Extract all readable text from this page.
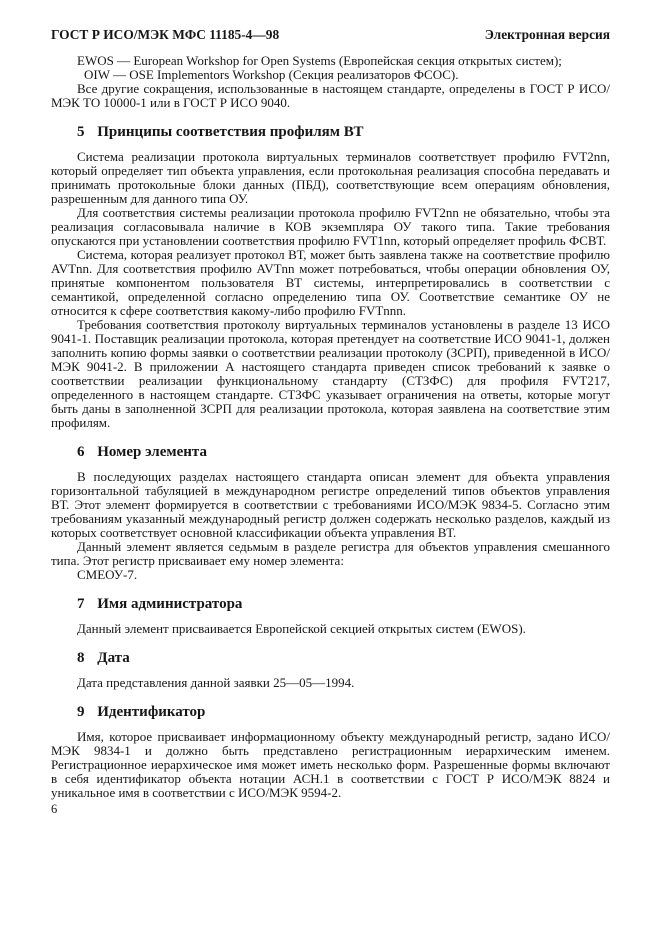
ГОСТ Р ИСО/МЭК МФС 11185-4—98	Электронная версия

EWOS — European Workshop for Open Systems (Европейская секция открытых систем);

OIW — OSE Implementors Workshop (Секция реализаторов ФСОС).

Все другие сокращения, использованные в настоящем стандарте, определены в ГОСТ Р ИСО/МЭК ТО 10000-1 или в ГОСТ Р ИСО 9040.

5 Принципы соответствия профилям ВТ

Система реализации протокола виртуальных терминалов соответствует профилю FVT2nn, который определяет тип объекта управления, если протокольная реализация способна передавать и принимать протокольные блоки данных (ПБД), соответствующие всем операциям обновления, разрешенным для данного типа ОУ.

Для соответствия системы реализации протокола профилю FVT2nn не обязательно, чтобы эта реализация согласовывала наличие в КОВ экземпляра ОУ такого типа. Такие требования опускаются при установлении соответствия профилю FVT1nn, который определяет профиль ФСВТ.

Система, которая реализует протокол ВТ, может быть заявлена также на соответствие профилю AVTnn. Для соответствия профилю AVTnn может потребоваться, чтобы операции обновления ОУ, принятые компонентом пользователя ВТ системы, интерпретировались в соответствии с семантикой, определенной согласно определению типа ОУ. Соответствие семантике ОУ не относится к сфере соответствия какому-либо профилю FVTnnn.

Требования соответствия протоколу виртуальных терминалов установлены в разделе 13 ИСО 9041-1. Поставщик реализации протокола, которая претендует на соответствие ИСО 9041-1, должен заполнить копию формы заявки о соответствии реализации протоколу (ЗСРП), приведенной в ИСО/МЭК 9041-2. В приложении А настоящего стандарта приведен список требований к заявке о соответствии реализации функциональному стандарту (СТЗФС) для профиля FVT217, определенного в настоящем стандарте. СТЗФС указывает ограничения на ответы, которые могут быть даны в заполненной ЗСРП для реализации протокола, которая заявлена на соответствие этим профилям.

6 Номер элемента

В последующих разделах настоящего стандарта описан элемент для объекта управления горизонтальной табуляцией в международном регистре определений типов объектов управления ВТ. Этот элемент формируется в соответствии с требованиями ИСО/МЭК 9834-5. Согласно этим требованиям указанный международный регистр должен содержать несколько разделов, каждый из которых соответствует основной классификации объекта управления ВТ.

Данный элемент является седьмым в разделе регистра для объектов управления смешанного типа. Этот регистр присваивает ему номер элемента:

СМЕОУ-7.

7 Имя администратора

Данный элемент присваивается Европейской секцией открытых систем (EWOS).

8 Дата

Дата представления данной заявки 25—05—1994.

9 Идентификатор

Имя, которое присваивает информационному объекту международный регистр, задано ИСО/МЭК 9834-1 и должно быть представлено регистрационным иерархическим именем. Регистрационное иерархическое имя может иметь несколько форм. Разрешенные формы включают в себя идентификатор объекта нотации АСН.1 в соответствии с ГОСТ Р ИСО/МЭК 8824 и уникальное имя в соответствии с ИСО/МЭК 9594-2.

6
